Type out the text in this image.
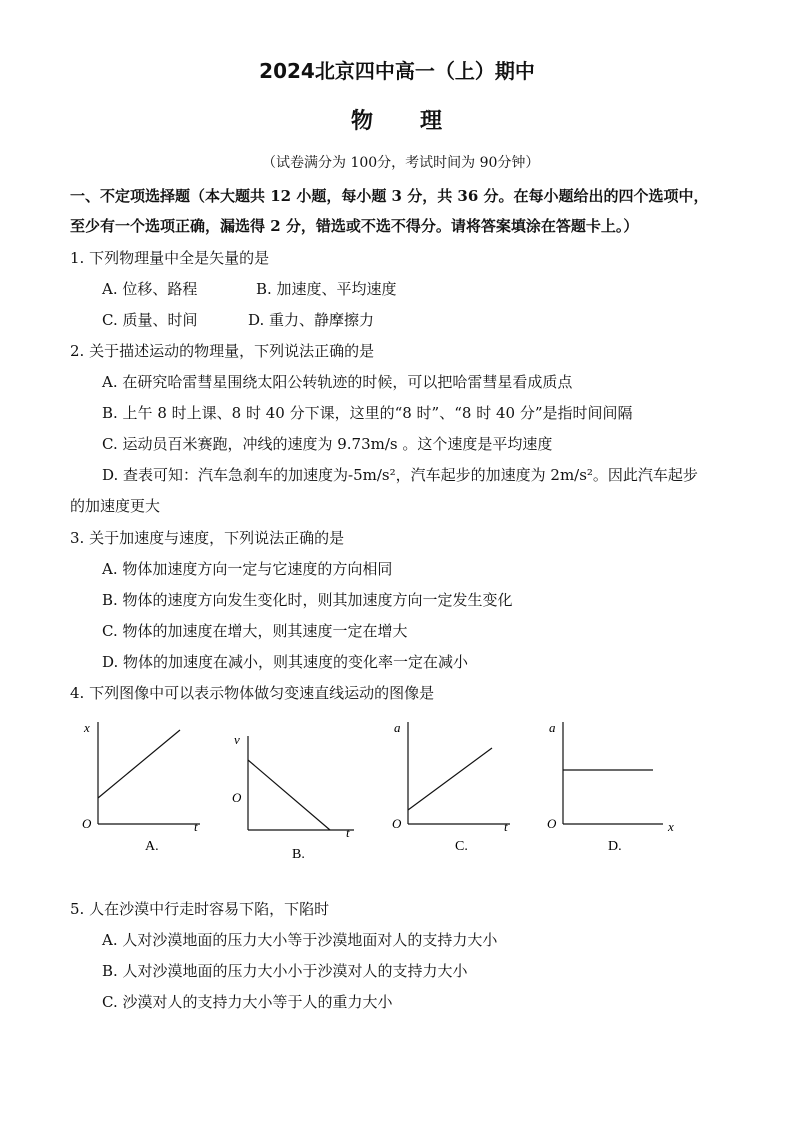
2024北京四中高一（上）期中
物　　理
（试卷满分为 100分，考试时间为 90分钟）
一、不定项选择题（本大题共 12 小题，每小题 3 分，共 36 分。在每小题给出的四个选项中，
至少有一个选项正确，漏选得 2 分，错选或不选不得分。请将答案填涂在答题卡上。）
1. 下列物理量中全是矢量的是
A. 位移、路程	B. 加速度、平均速度
C. 质量、时间	D. 重力、静摩擦力
2. 关于描述运动的物理量，下列说法正确的是
A. 在研究哈雷彗星围绕太阳公转轨迹的时候，可以把哈雷彗星看成质点
B. 上午 8 时上课、8 时 40 分下课，这里的“8 时”、“8 时 40 分”是指时间间隔
C. 运动员百米赛跑，冲线的速度为 9.73m/s 。这个速度是平均速度
D. 查表可知：汽车急刹车的加速度为-5m/s²，汽车起步的加速度为 2m/s²。因此汽车起步
的加速度更大
3. 关于加速度与速度，下列说法正确的是
A. 物体加速度方向一定与它速度的方向相同
B. 物体的速度方向发生变化时，则其加速度方向一定发生变化
C. 物体的加速度在增大，则其速度一定在增大
D. 物体的加速度在减小，则其速度的变化率一定在减小
4. 下列图像中可以表示物体做匀变速直线运动的图像是
x
t
O
A.
v
t
O
B.
a
t
O
C.
a
x
O
D.
5. 人在沙漠中行走时容易下陷，下陷时
A. 人对沙漠地面的压力大小等于沙漠地面对人的支持力大小
B. 人对沙漠地面的压力大小小于沙漠对人的支持力大小
C. 沙漠对人的支持力大小等于人的重力大小
